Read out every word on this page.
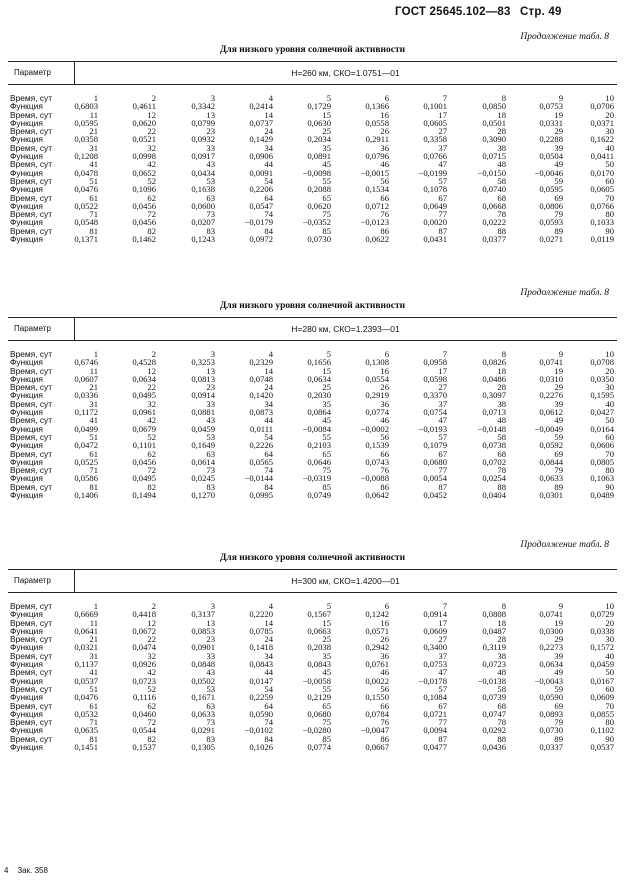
ГОСТ 25645.102—83 Стр. 49
Продолжение табл. 8
Для низкого уровня солнечной активности
Параметр	H=260 км, СКО=1.0751—01
Время, сут	1	2	3	4	5	6	7	8	9	10
Функция	0,6803	0,4611	0,3342	0,2414	0,1729	0,1366	0,1001	0,0850	0,0753	0,0706
Время, сут	11	12	13	14	15	16	17	18	19	20
Функция	0,0595	0,0620	0,0799	0,0737	0,0630	0,0558	0,0605	0,0501	0,0331	0,0371
Время, сут	21	22	23	24	25	26	27	28	29	30
Функция	0,0358	0,0521	0,0932	0,1429	0,2034	0,2911	0,3358	0,3090	0,2288	0,1622
Время, сут	31	32	33	34	35	36	37	38	39	40
Функция	0,1208	0,0998	0,0917	0,0906	0,0891	0,0796	0,0766	0,0715	0,0504	0,0411
Время, сут	41	42	43	44	45	46	47	48	49	50
Функция	0,0478	0,0652	0,0434	0,0091	−0,0098	−0,0015	−0,0199	−0,0150	−0,0046	0,0170
Время, сут	51	52	53	54	55	56	57	58	59	60
Функция	0,0476	0,1096	0,1638	0,2206	0,2088	0,1534	0,1078	0,0740	0,0595	0,0605
Время, сут	61	62	63	64	65	66	67	68	69	70
Функция	0,0522	0,0456	0,0600	0,0547	0,0620	0,0712	0,0649	0,0668	0,0806	0,0766
Время, сут	71	72	73	74	75	76	77	78	79	80
Функция	0,0548	0,0456	0,0207	−0,0179	−0,0352	−0,0123	0,0020	0,0222	0,0593	0,1033
Время, сут	81	82	83	84	85	86	87	88	89	90
Функция	0,1371	0,1462	0,1243	0,0972	0,0730	0,0622	0,0431	0,0377	0,0271	0,0119
Продолжение табл. 8
Для низкого уровня солнечной активности
Параметр	H=280 км, СКО=1.2393—01
Время, сут	1	2	3	4	5	6	7	8	9	10
Функция	0,6746	0,4528	0,3253	0,2329	0,1656	0,1308	0,0958	0,0826	0,0741	0,0708
Время, сут	11	12	13	14	15	16	17	18	19	20
Функция	0,0607	0,0634	0,0813	0,0748	0,0634	0,0554	0,0598	0,0486	0,0310	0,0350
Время, сут	21	22	23	24	25	26	27	28	29	30
Функция	0,0336	0,0495	0,0914	0,1420	0,2030	0,2919	0,3370	0,3097	0,2276	0,1595
Время, сут	31	32	33	34	35	36	37	38	39	40
Функция	0,1172	0,0961	0,0881	0,0873	0,0864	0,0774	0,0754	0,0713	0,0612	0,0427
Время, сут	41	42	43	44	45	46	47	48	49	50
Функция	0,0499	0,0679	0,0459	0,0111	−0,0084	−0,0002	−0,0193	−0,0148	−0,0049	0,0164
Время, сут	51	52	53	54	55	56	57	58	59	60
Функция	0,0472	0,1101	0,1649	0,2226	0,2103	0,1539	0,1079	0,0738	0,0592	0,0606
Время, сут	61	62	63	64	65	66	67	68	69	70
Функция	0,0525	0,0456	0,0614	0,0565	0,0646	0,0743	0,0680	0,0702	0,0844	0,0805
Время, сут	71	72	73	74	75	76	77	78	79	80
Функция	0,0586	0,0495	0,0245	−0,0144	−0,0319	−0,0088	0,0054	0,0254	0,0633	0,1063
Время, сут	81	82	83	84	85	86	87	88	89	90
Функция	0,1406	0,1494	0,1270	0,0995	0,0749	0,0642	0,0452	0,0404	0,0301	0,0489
Продолжение табл. 8
Для низкого уровня солнечной активности
Параметр	H=300 км, СКО=1.4200—01
Время, сут	1	2	3	4	5	6	7	8	9	10
Функция	0,6669	0,4418	0,3137	0,2220	0,1567	0,1242	0,0914	0,0808	0,0741	0,0729
Время, сут	11	12	13	14	15	16	17	18	19	20
Функция	0,0641	0,0672	0,0853	0,0785	0,0663	0,0571	0,0609	0,0487	0,0300	0,0338
Время, сут	21	22	23	24	25	26	27	28	29	30
Функция	0,0321	0,0474	0,0901	0,1418	0,2038	0,2942	0,3400	0,3119	0,2273	0,1572
Время, сут	31	32	33	34	35	36	37	38	39	40
Функция	0,1137	0,0926	0,0848	0,0843	0,0843	0,0761	0,0753	0,0723	0,0634	0,0459
Время, сут	41	42	43	44	45	46	47	48	49	50
Функция	0,0537	0,0723	0,0502	0,0147	−0,0058	0,0022	−0,0178	−0,0138	−0,0043	0,0167
Время, сут	51	52	53	54	55	56	57	58	59	60
Функция	0,0476	0,1116	0,1671	0,2259	0,2129	0,1550	0,1084	0,0739	0,0590	0,0609
Время, сут	61	62	63	64	65	66	67	68	69	70
Функция	0,0532	0,0460	0,0633	0,0590	0,0680	0,0784	0,0721	0,0747	0,0893	0,0855
Время, сут	71	72	73	74	75	76	77	78	79	80
Функция	0,0635	0,0544	0,0291	−0,0102	−0,0280	−0,0047	0,0094	0,0292	0,0730	0,1102
Время, сут	81	82	83	84	85	86	87	88	89	90
Функция	0,1451	0,1537	0,1305	0,1026	0,0774	0,0667	0,0477	0,0436	0,0337	0,0537
4 Зак. 358
